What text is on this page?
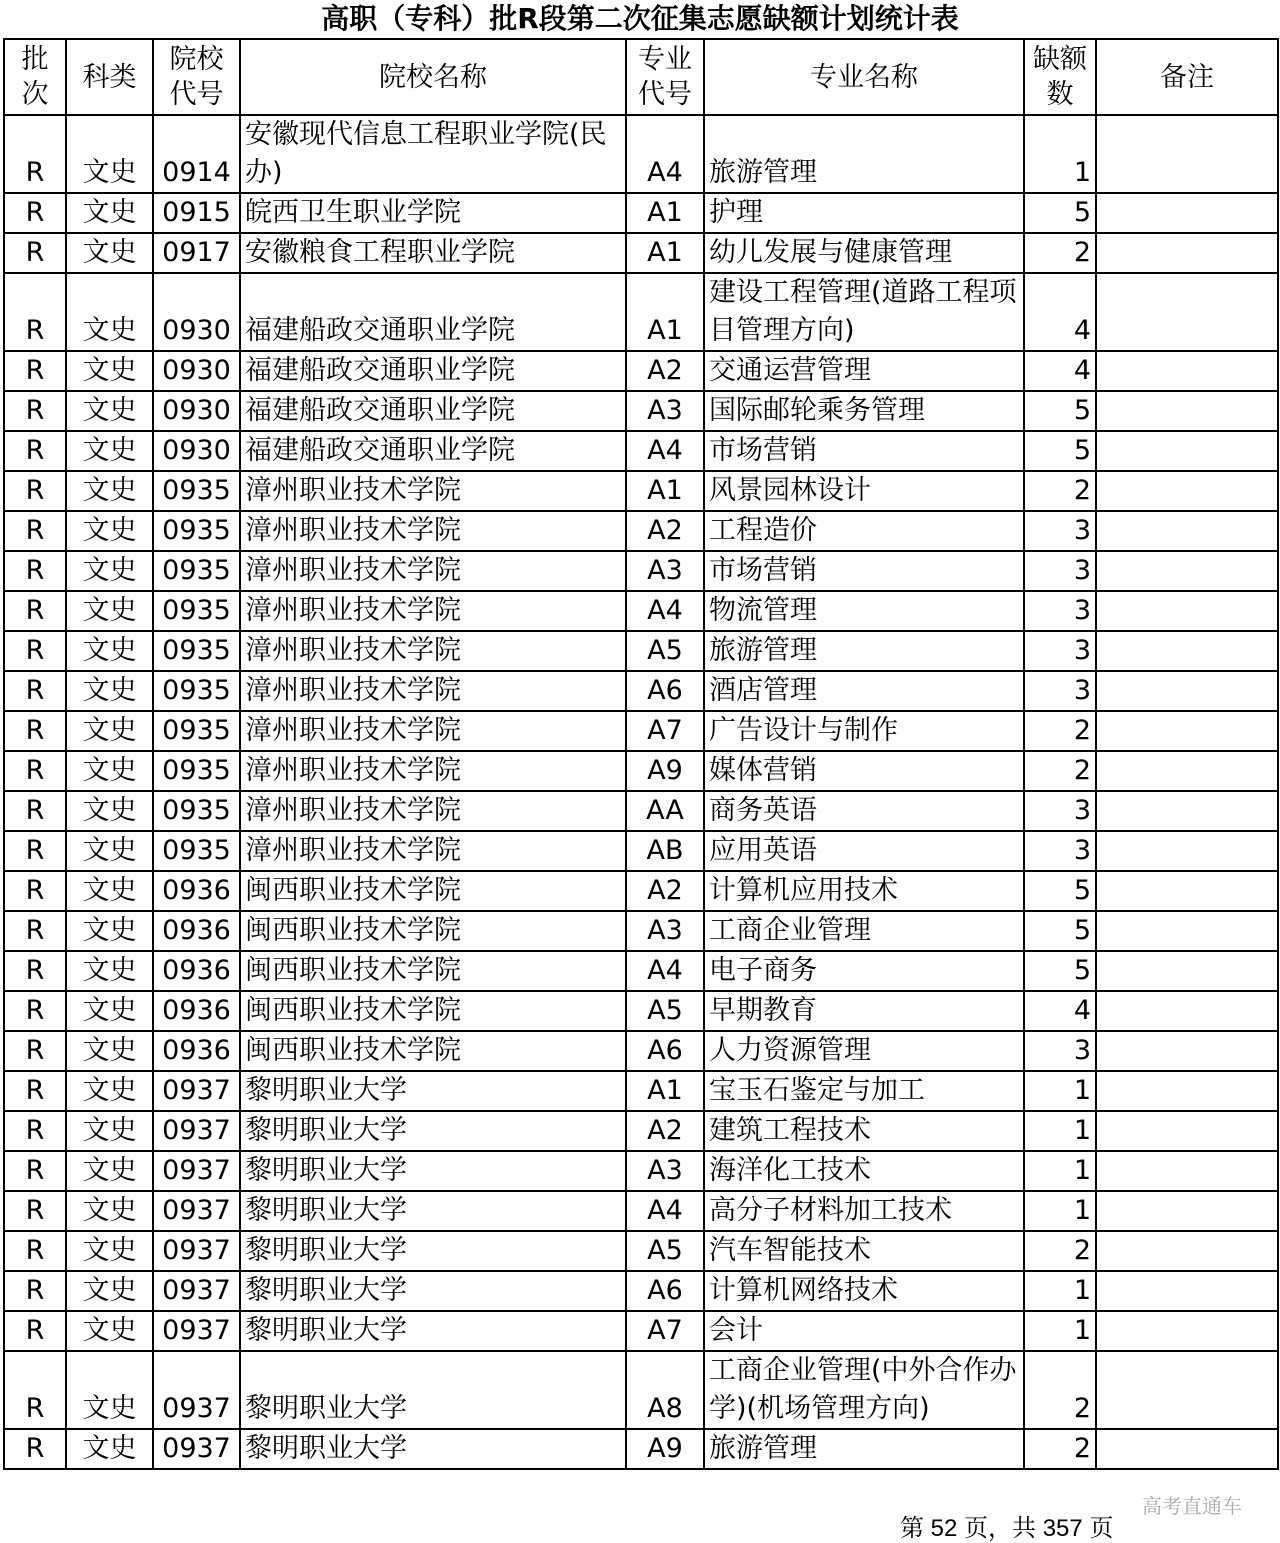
高职（专科）批R段第二次征集志愿缺额计划统计表
批次	科类	院校代号	院校名称	专业代号	专业名称	缺额数	备注
R	文史	0914	安徽现代信息工程职业学院(民办)	A4	旅游管理	1	
R	文史	0915	皖西卫生职业学院	A1	护理	5	
R	文史	0917	安徽粮食工程职业学院	A1	幼儿发展与健康管理	2	
R	文史	0930	福建船政交通职业学院	A1	建设工程管理(道路工程项目管理方向)	4	
R	文史	0930	福建船政交通职业学院	A2	交通运营管理	4	
R	文史	0930	福建船政交通职业学院	A3	国际邮轮乘务管理	5	
R	文史	0930	福建船政交通职业学院	A4	市场营销	5	
R	文史	0935	漳州职业技术学院	A1	风景园林设计	2	
R	文史	0935	漳州职业技术学院	A2	工程造价	3	
R	文史	0935	漳州职业技术学院	A3	市场营销	3	
R	文史	0935	漳州职业技术学院	A4	物流管理	3	
R	文史	0935	漳州职业技术学院	A5	旅游管理	3	
R	文史	0935	漳州职业技术学院	A6	酒店管理	3	
R	文史	0935	漳州职业技术学院	A7	广告设计与制作	2	
R	文史	0935	漳州职业技术学院	A9	媒体营销	2	
R	文史	0935	漳州职业技术学院	AA	商务英语	3	
R	文史	0935	漳州职业技术学院	AB	应用英语	3	
R	文史	0936	闽西职业技术学院	A2	计算机应用技术	5	
R	文史	0936	闽西职业技术学院	A3	工商企业管理	5	
R	文史	0936	闽西职业技术学院	A4	电子商务	5	
R	文史	0936	闽西职业技术学院	A5	早期教育	4	
R	文史	0936	闽西职业技术学院	A6	人力资源管理	3	
R	文史	0937	黎明职业大学	A1	宝玉石鉴定与加工	1	
R	文史	0937	黎明职业大学	A2	建筑工程技术	1	
R	文史	0937	黎明职业大学	A3	海洋化工技术	1	
R	文史	0937	黎明职业大学	A4	高分子材料加工技术	1	
R	文史	0937	黎明职业大学	A5	汽车智能技术	2	
R	文史	0937	黎明职业大学	A6	计算机网络技术	1	
R	文史	0937	黎明职业大学	A7	会计	1	
R	文史	0937	黎明职业大学	A8	工商企业管理(中外合作办学)(机场管理方向)	2	
R	文史	0937	黎明职业大学	A9	旅游管理	2	
第 52 页，共 357 页
高考直通车
